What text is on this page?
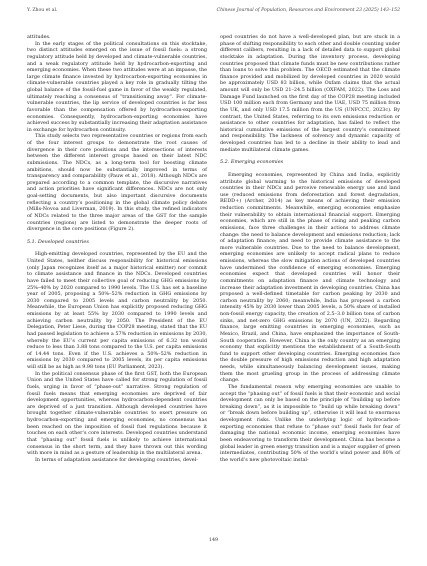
Y. Zhou et al.	Chinese Journal of Population, Resources and Environment 23 (2025) 143–152

attitudes.

In the early stages of the political consultations on this stocktake, two distinct attitudes emerged on the issue of fossil fuels: a strong regulatory attitude held by developed and climate-vulnerable countries, and a weak regulatory attitude held by hydrocarbon-exporting and emerging economies. When these two attitudes were at an impasse, the large climate finance invested by hydrocarbon-exporting economies in climate-vulnerable countries played a key role in gradually tilting the global balance of the fossil-fuel game in favor of the weakly regulated, ultimately reaching a consensus of “transitioning away”. For climate-vulnerable countries, the lip service of developed countries is far less favorable than the compensation offered by hydrocarbon-exporting economies. Consequently, hydrocarbon-exporting economies have achieved success by substantially increasing their adaptation assistance in exchange for hydrocarbon continuity.

This study selects two representative countries or regions from each of the four interest groups to demonstrate the root causes of divergence in their core positions and the intersections of interests between the different interest groups based on their latest NDC submissions. The NDCs, as a long-term tool for boosting climate ambitions, should now be substantially improved in terms of transparency and comparability (Pauw et al., 2018). Although NDCs are prepared according to a common template, the discursive narratives and action priorities have significant differences. NDCs are not only goal-setting documents, but also important discursive documents reflecting a country’s positioning in the global climate policy debate (Mills-Novoa and Liverman, 2019). In this study, the refined indicators of NDCs related to the three major areas of the GST for the sample countries (regions) are listed to demonstrate the deeper roots of divergence in the core positions (Figure 2).

5.1. Developed countries

High-emitting developed countries, represented by the EU and the United States, neither discuss responsibility for historical emissions (only Japan recognizes itself as a major historical emitter) nor commit to climate assistance and finance in the NDCs. Developed countries have failed to meet their collective goal of reducing GHG emissions by 25%–40% by 2020 compared to 1990 levels. The U.S. has set a baseline year of 2005, proposing a 50%–52% reduction in GHG emissions by 2030 compared to 2005 levels and carbon neutrality by 2050. Meanwhile, the European Union has explicitly proposed reducing GHG emissions by at least 55% by 2030 compared to 1990 levels and achieving carbon neutrality by 2050. The President of the EU Delegation, Peter Liese, during the COP28 meeting, stated that the EU had passed legislation to achieve a 57% reduction in emissions by 2030, whereby the EU’s current per capita emissions of 6.32 ton would reduce to less than 3.88 tons compared to the U.S. per capita emissions of 14.44 tons. Even if the U.S. achieves a 50%–52% reduction in emissions by 2030 compared to 2005 levels, its per capita emissions will still be as high as 9.98 tons (EU Parliament, 2023).

In the political consensus phase of the first GST, both the European Union and the United States have called for strong regulation of fossil fuels, urging in favor of “phase-out” narrative. Strong regulation of fossil fuels means that emerging economies are deprived of fair development opportunities, whereas hydrocarbon-dependent countries are deprived of a just transition. Although developed countries have brought together climate-vulnerable countries to exert pressure on hydrocarbon-exporting and emerging economies, no consensus has been reached on the imposition of fossil fuel regulations because it touches on each other’s core interests. Developed countries understand that “phasing out” fossil fuels is unlikely to achieve international consensus in the short term, and they have thrown out this wording with more in mind as a gesture of leadership in the multilateral arena.

In terms of adaptation assistance for developing countries, devel-

oped countries do not have a well-developed plan, but are stuck in a phase of shifting responsibility to each other and double counting under different calibers, resulting in a lack of detailed data to support global stocktake in adaptation. During the inventory process, developing countries proposed that climate funds must be new contributions rather than loans to solve this problem. The OECD estimated that the climate finance provided and mobilized by developed countries in 2020 would be approximately USD 83 billion, while Oxfam claims that the actual amount will only be USD 21–24.5 billion (OXFAM, 2022). The Loss and Damage Fund launched on the first day of the COP28 meeting included USD 100 million each from Germany and the UAE, USD 75 million from the UK, and only USD 17.5 million from the US (UNFCCC, 2023c). By contrast, the United States, referring to its own emissions reduction or assistance to other countries for adaptation, has failed to reflect the historical cumulative emissions of the largest country’s commitment and responsibility. The lackness of solvency and dynamic capacity of developed countries has led to a decline in their ability to lead and mediate multilateral climate games.

5.2. Emerging economies

Emerging economies, represented by China and India, explicitly attribute global warming to the historical emissions of developed countries in their NDCs and perceive renewable energy use and land use (reduced emissions from deforestation and forest degradation, REDD+) (Archer, 2014) as key means of achieving their emission reduction commitments. Meanwhile, emerging economies emphasize their vulnerability to obtain international financial support. Emerging economies, which are still in the phase of rising and peaking carbon emissions, face three challenges in their actions to address climate change: the need to balance development and emissions reduction; lack of adaptation finance; and need to provide climate assistance to the more vulnerable countries. Due to the need to balance development, emerging economies are unlikely to accept radical plans to reduce emissions, whereas the slow mitigation actions of developed countries have undermined the confidence of emerging economies. Emerging economies expect that developed countries will honor their commitments on adaptation finance and climate technology and increase their adaptation investment in developing countries. China has proposed a well-defined timetable for carbon peaking by 2030 and carbon neutrality by 2060; meanwhile, India has proposed a carbon intensity 45% by 2030 lower than 2005 levels, a 50% share of installed non-fossil energy capacity, the creation of 2.5–3.0 billion tons of carbon sinks, and net-zero GHG emissions by 2070 (UN, 2022). Regarding finance, large emitting countries in emerging economies, such as Mexico, Brazil, and China, have emphasized the importance of South-South cooperation. However, China is the only country as an emerging economy that explicitly mentions the establishment of a South-South fund to support other developing countries. Emerging economies face the double pressure of high emissions reduction and high adaptation needs, while simultaneously balancing development issues, making them the most grueling group in the process of addressing climate change.

The fundamental reason why emerging economies are unable to accept the “phasing out” of fossil fuels is that their economic and social development can only be based on the principle of “building up before breaking down”, as it is impossible to “build up while breaking down” or “break down before building up”, otherwise it will lead to enormous development risks. Unlike the underlying logic of hydrocarbon-exporting economies that refuse to “phase out” fossil fuels for fear of damaging the national economic income, emerging economies have been endeavoring to transform their development. China has become a global leader in green energy transition and is a major supplier of green intermediates, contributing 50% of the world’s wind power and 80% of the world’s new photovoltaic instal-

149
